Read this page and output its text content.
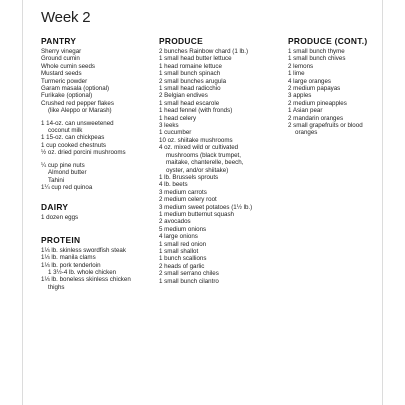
Week 2
PANTRY
Sherry vinegar
Ground cumin
Whole cumin seeds
Mustard seeds
Turmeric powder
Garam masala (optional)
Furikake (optional)
Crushed red pepper flakes
(like Aleppo or Marash)
1 14-oz. can unsweetened
coconut milk
1 15-oz. can chickpeas
1 cup cooked chestnuts
½ oz. dried porcini mushrooms
¼ cup pine nuts
Almond butter
Tahini
1¼ cup red quinoa
DAIRY
1 dozen eggs
PROTEIN
1⅓ lb. skinless swordfish steak
1⅓ lb. manila clams
1⅓ lb. pork tenderloin
1 3½-4 lb. whole chicken
1⅓ lb. boneless skinless chicken
thighs
PRODUCE
2 bunches Rainbow chard (1 lb.)
1 small head butter lettuce
1 head romaine lettuce
1 small bunch spinach
2 small bunches arugula
1 small head radicchio
2 Belgian endives
1 small head escarole
1 head fennel (with fronds)
1 head celery
3 leeks
1 cucumber
10 oz. shiitake mushrooms
4 oz. mixed wild or cultivated
mushrooms (black trumpet,
maitake, chanterelle, beech,
oyster, and/or shiitake)
1 lb. Brussels sprouts
4 lb. beets
3 medium carrots
2 medium celery root
3 medium sweet potatoes (1½ lb.)
1 medium butternut squash
2 avocados
5 medium onions
4 large onions
1 small red onion
1 small shallot
1 bunch scallions
2 heads of garlic
2 small serrano chiles
1 small bunch cilantro
PRODUCE (CONT.)
1 small bunch thyme
1 small bunch chives
2 lemons
1 lime
4 large oranges
2 medium papayas
3 apples
2 medium pineapples
1 Asian pear
2 mandarin oranges
2 small grapefruits or blood
oranges
